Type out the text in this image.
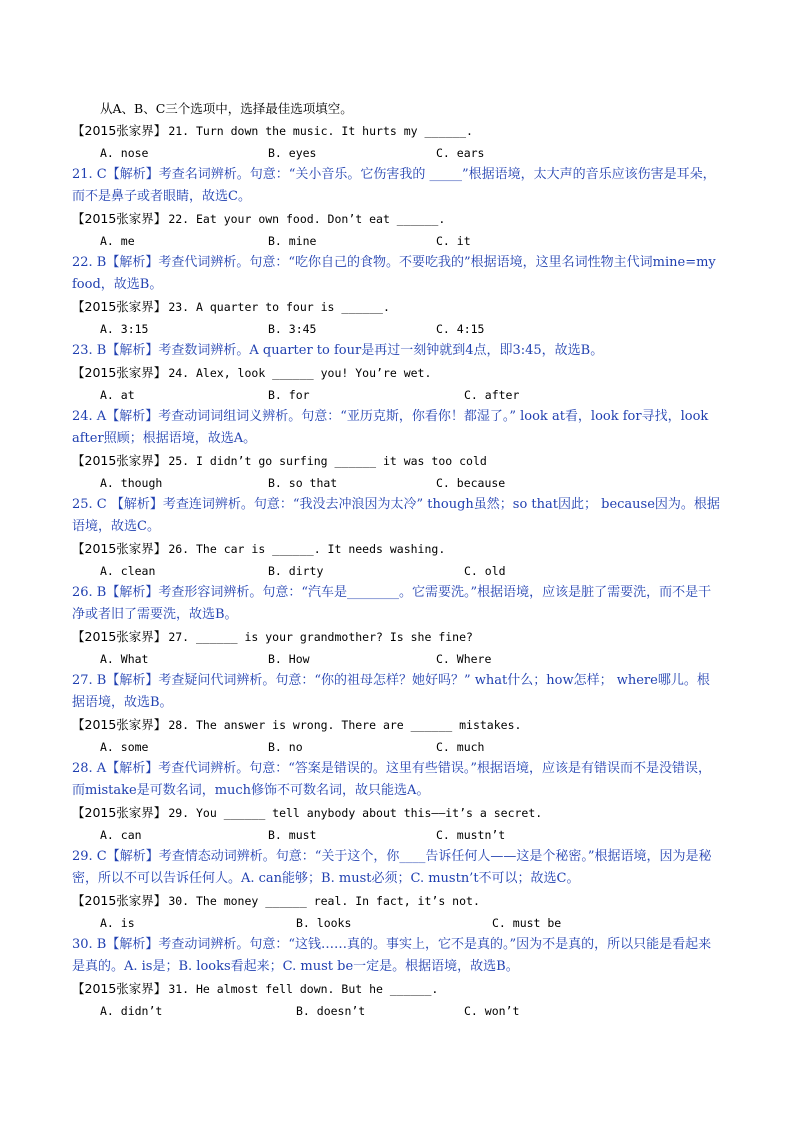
从A、B、C三个选项中，选择最佳选项填空。
【2015张家界】 21. Turn down the music. It hurts my ______.
A. nose	B. eyes	C. ears
21. C【解析】考查名词辨析。句意：“关小音乐。它伤害我的 _____”根据语境，太大声的音乐应该伤害是耳朵，而不是鼻子或者眼睛，故选C。
【2015张家界】 22. Eat your own food. Don’t eat ______.
A. me	B. mine	C. it
22. B【解析】考查代词辨析。句意：“吃你自己的食物。不要吃我的”根据语境，这里名词性物主代词mine=my food，故选B。
【2015张家界】 23. A quarter to four is ______.
A. 3:15	B. 3:45	C. 4:15
23. B【解析】考查数词辨析。A quarter to four是再过一刻钟就到4点，即3:45，故选B。
【2015张家界】 24. Alex, look ______ you! You’re wet.
A. at	B. for	C. after
24. A【解析】考查动词词组词义辨析。句意：“亚历克斯，你看你！都湿了。” look at看，look for寻找，look after照顾；根据语境，故选A。
【2015张家界】 25. I didn’t go surfing ______ it was too cold
A. though	B. so that	C. because
25. C 【解析】考查连词辨析。句意：“我没去冲浪因为太冷” though虽然；so that因此； because因为。根据语境，故选C。
【2015张家界】 26. The car is ______. It needs washing.
A. clean	B. dirty	C. old
26. B【解析】考查形容词辨析。句意：“汽车是________。它需要洗。”根据语境，应该是脏了需要洗，而不是干净或者旧了需要洗，故选B。
【2015张家界】 27. ______ is your grandmother? Is she fine?
A. What	B. How	C. Where
27. B【解析】考查疑问代词辨析。句意：“你的祖母怎样？她好吗？” what什么；how怎样； where哪儿。根据语境，故选B。
【2015张家界】 28. The answer is wrong. There are ______ mistakes.
A. some	B. no	C. much
28. A【解析】考查代词辨析。句意：“答案是错误的。这里有些错误。”根据语境，应该是有错误而不是没错误，而mistake是可数名词，much修饰不可数名词，故只能选A。
【2015张家界】 29. You ______ tell anybody about this——it’s a secret.
A. can	B. must	C. mustn’t
29. C【解析】考查情态动词辨析。句意：“关于这个，你____告诉任何人——这是个秘密。”根据语境，因为是秘密，所以不可以告诉任何人。A. can能够；B. must必须；C. mustn’t不可以；故选C。
【2015张家界】 30. The money ______ real. In fact, it’s not.
A. is	B. looks	C. must be
30. B【解析】考查动词辨析。句意：“这钱……真的。事实上，它不是真的。”因为不是真的，所以只能是看起来是真的。A. is是；B. looks看起来；C. must be一定是。根据语境，故选B。
【2015张家界】 31. He almost fell down. But he ______.
A. didn’t	B. doesn’t	C. won’t
